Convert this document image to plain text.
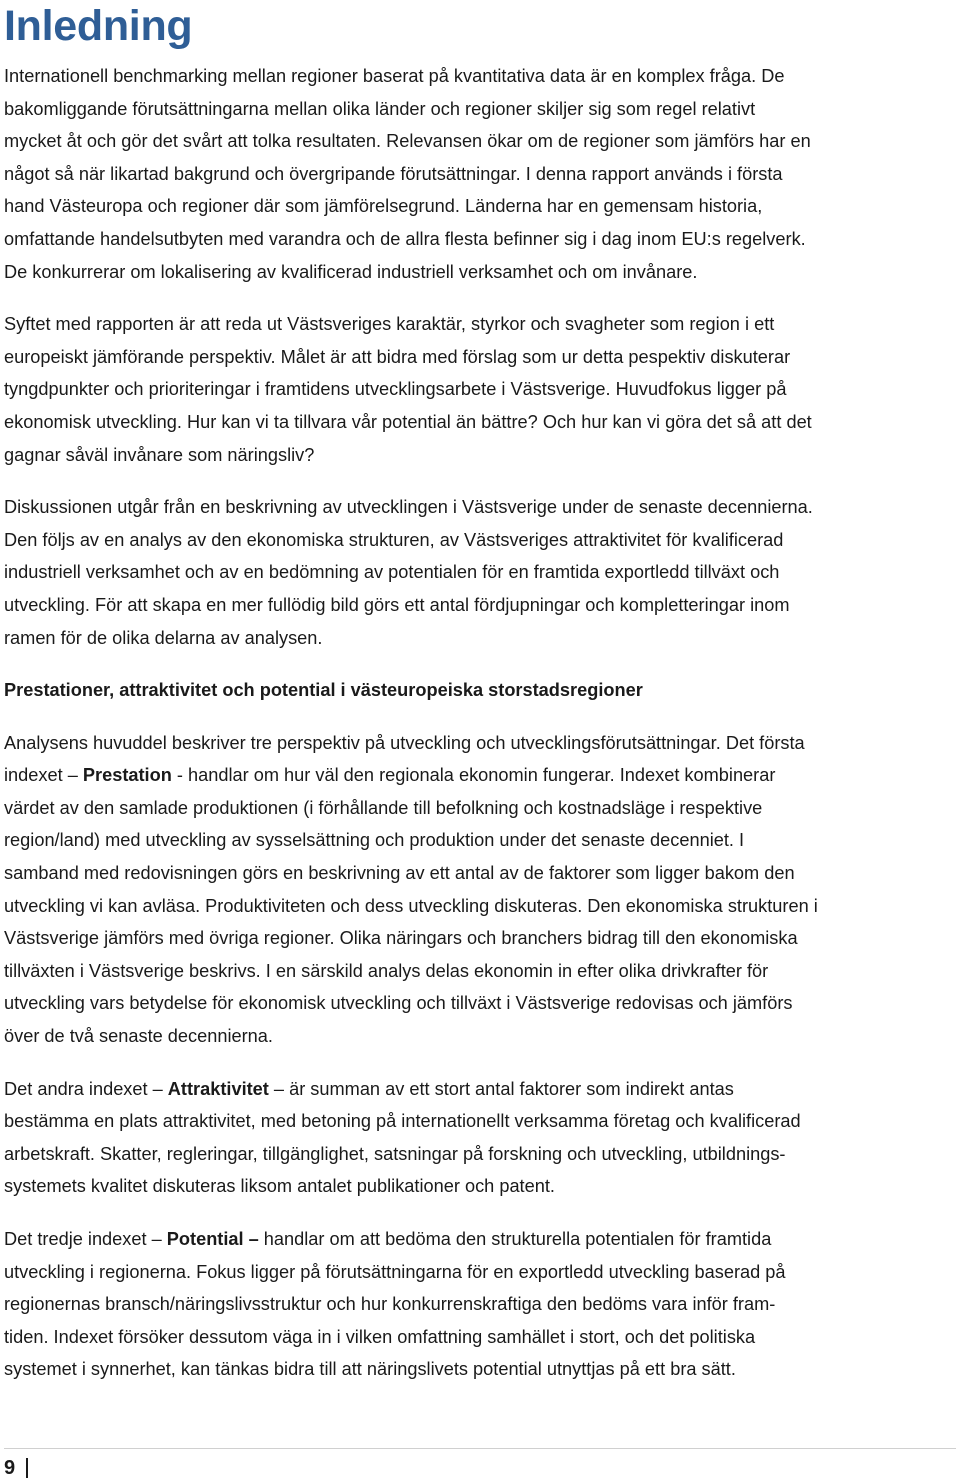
Inledning

Internationell benchmarking mellan regioner baserat på kvantitativa data är en komplex fråga. De
bakomliggande förutsättningarna mellan olika länder och regioner skiljer sig som regel relativt
mycket åt och gör det svårt att tolka resultaten. Relevansen ökar om de regioner som jämförs har en
något så när likartad bakgrund och övergripande förutsättningar. I denna rapport används i första
hand Västeuropa och regioner där som jämförelsegrund. Länderna har en gemensam historia,
omfattande handelsutbyten med varandra och de allra flesta befinner sig i dag inom EU:s regelverk.
De konkurrerar om lokalisering av kvalificerad industriell verksamhet och om invånare.

Syftet med rapporten är att reda ut Västsveriges karaktär, styrkor och svagheter som region i ett
europeiskt jämförande perspektiv. Målet är att bidra med förslag som ur detta pespektiv diskuterar
tyngdpunkter och prioriteringar i framtidens utvecklingsarbete i Västsverige. Huvudfokus ligger på
ekonomisk utveckling. Hur kan vi ta tillvara vår potential än bättre? Och hur kan vi göra det så att det
gagnar såväl invånare som näringsliv?

Diskussionen utgår från en beskrivning av utvecklingen i Västsverige under de senaste decennierna.
Den följs av en analys av den ekonomiska strukturen, av Västsveriges attraktivitet för kvalificerad
industriell verksamhet och av en bedömning av potentialen för en framtida exportledd tillväxt och
utveckling. För att skapa en mer fullödig bild görs ett antal fördjupningar och kompletteringar inom
ramen för de olika delarna av analysen.

Prestationer, attraktivitet och potential i västeuropeiska storstadsregioner

Analysens huvuddel beskriver tre perspektiv på utveckling och utvecklingsförutsättningar. Det första
indexet – Prestation - handlar om hur väl den regionala ekonomin fungerar. Indexet kombinerar
värdet av den samlade produktionen (i förhållande till befolkning och kostnadsläge i respektive
region/land) med utveckling av sysselsättning och produktion under det senaste decenniet. I
samband med redovisningen görs en beskrivning av ett antal av de faktorer som ligger bakom den
utveckling vi kan avläsa. Produktiviteten och dess utveckling diskuteras. Den ekonomiska strukturen i
Västsverige jämförs med övriga regioner. Olika näringars och branchers bidrag till den ekonomiska
tillväxten i Västsverige beskrivs. I en särskild analys delas ekonomin in efter olika drivkrafter för
utveckling vars betydelse för ekonomisk utveckling och tillväxt i Västsverige redovisas och jämförs
över de två senaste decennierna.

Det andra indexet – Attraktivitet – är summan av ett stort antal faktorer som indirekt antas
bestämma en plats attraktivitet, med betoning på internationellt verksamma företag och kvalificerad
arbetskraft. Skatter, regleringar, tillgänglighet, satsningar på forskning och utveckling, utbildnings-
systemets kvalitet diskuteras liksom antalet publikationer och patent.

Det tredje indexet – Potential – handlar om att bedöma den strukturella potentialen för framtida
utveckling i regionerna. Fokus ligger på förutsättningarna för en exportledd utveckling baserad på
regionernas bransch/näringslivsstruktur och hur konkurrenskraftiga den bedöms vara inför fram-
tiden. Indexet försöker dessutom väga in i vilken omfattning samhället i stort, och det politiska
systemet i synnerhet, kan tänkas bidra till att näringslivets potential utnyttjas på ett bra sätt.

9
